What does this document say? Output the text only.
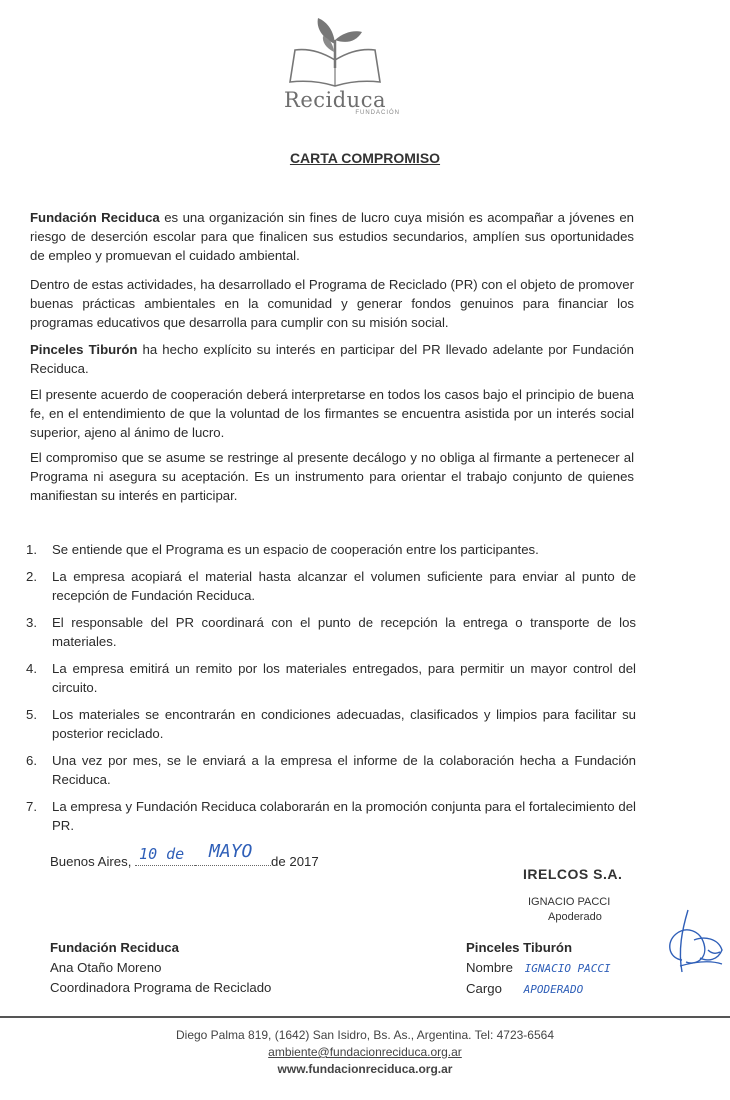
Reciduca
FUNDACIÓN
CARTA COMPROMISO
Fundación Reciduca es una organización sin fines de lucro cuya misión es acompañar a jóvenes en riesgo de deserción escolar para que finalicen sus estudios secundarios, amplíen sus oportunidades de empleo y promuevan el cuidado ambiental.
Dentro de estas actividades, ha desarrollado el Programa de Reciclado (PR) con el objeto de promover buenas prácticas ambientales en la comunidad y generar fondos genuinos para financiar los programas educativos que desarrolla para cumplir con su misión social.
Pinceles Tiburón ha hecho explícito su interés en participar del PR llevado adelante por Fundación Reciduca.
El presente acuerdo de cooperación deberá interpretarse en todos los casos bajo el principio de buena fe, en el entendimiento de que la voluntad de los firmantes se encuentra asistida por un interés social superior, ajeno al ánimo de lucro.
El compromiso que se asume se restringe al presente decálogo y no obliga al firmante a pertenecer al Programa ni asegura su aceptación. Es un instrumento para orientar el trabajo conjunto de quienes manifiestan su interés en participar.
1.	Se entiende que el Programa es un espacio de cooperación entre los participantes.
2.	La empresa acopiará el material hasta alcanzar el volumen suficiente para enviar al punto de recepción de Fundación Reciduca.
3.	El responsable del PR coordinará con el punto de recepción la entrega o transporte de los materiales.
4.	La empresa emitirá un remito por los materiales entregados, para permitir un mayor control del circuito.
5.	Los materiales se encontrarán en condiciones adecuadas, clasificados y limpios para facilitar su posterior reciclado.
6.	Una vez por mes, se le enviará a la empresa el informe de la colaboración hecha a Fundación Reciduca.
7.	La empresa y Fundación Reciduca colaborarán en la promoción conjunta para el fortalecimiento del PR.
Buenos Aires, 10 de MAYO de 2017
IRELCOS S.A.
IGNACIO PACCI
Apoderado
Fundación Reciduca
Ana Otaño Moreno
Coordinadora Programa de Reciclado
Pinceles Tiburón
Nombre IGNACIO PACCI
Cargo APODERADO
Diego Palma 819, (1642) San Isidro, Bs. As., Argentina. Tel: 4723-6564
ambiente@fundacionreciduca.org.ar
www.fundacionreciduca.org.ar
